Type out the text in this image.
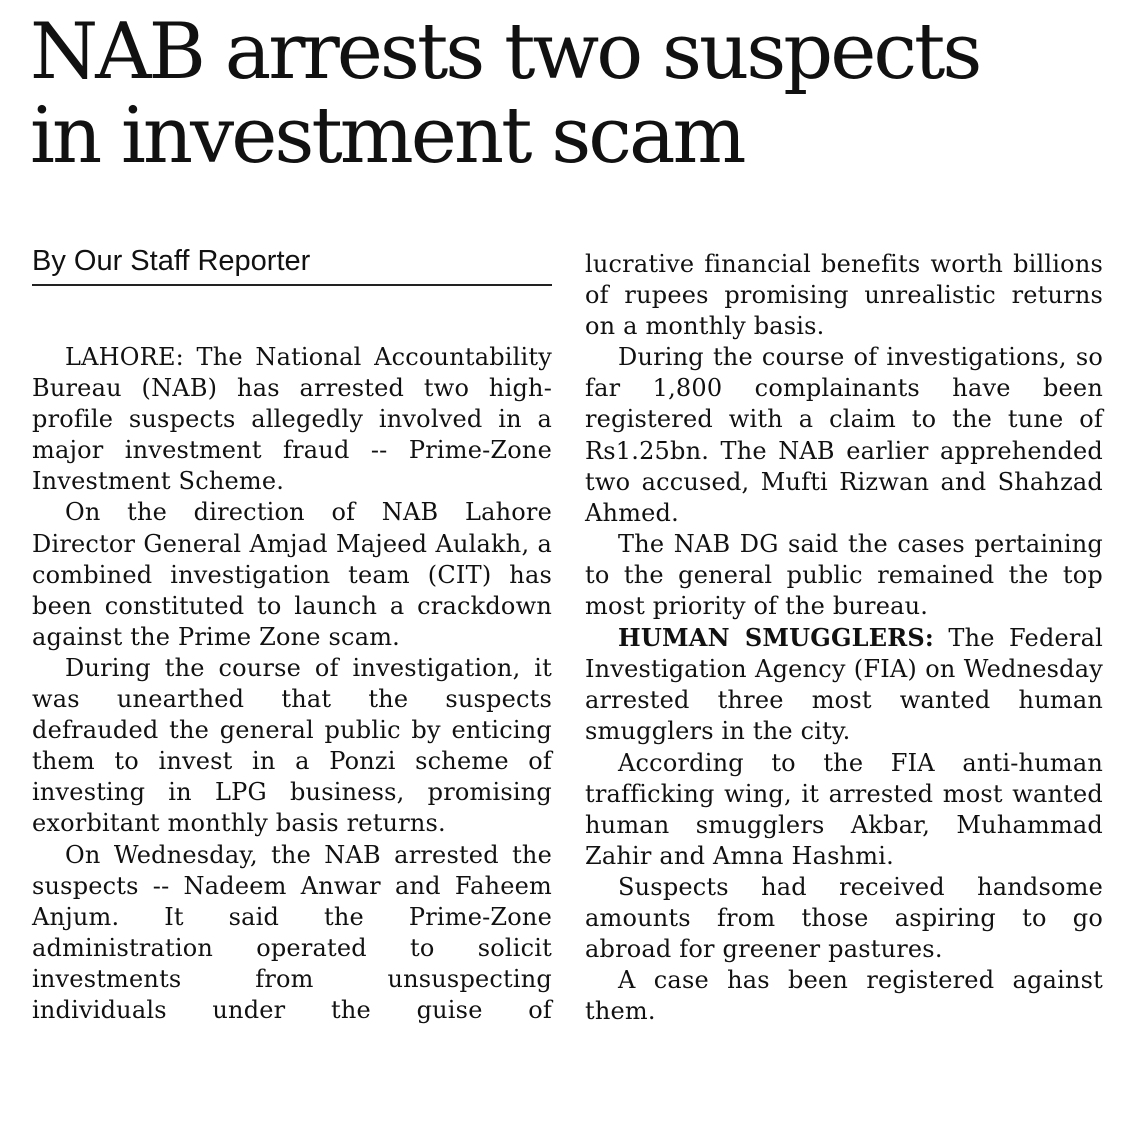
NAB arrests two suspects
in investment scam
By Our Staff Reporter

LAHORE: The National Accountability Bureau (NAB) has arrested two high-profile suspects allegedly involved in a major investment fraud -- Prime-Zone Investment Scheme.

On the direction of NAB Lahore Director General Amjad Majeed Aulakh, a combined investigation team (CIT) has been constituted to launch a crackdown against the Prime Zone scam.

During the course of investigation, it was unearthed that the suspects defrauded the general public by enticing them to invest in a Ponzi scheme of investing in LPG business, promising exorbitant monthly basis returns.

On Wednesday, the NAB arrested the suspects -- Nadeem Anwar and Faheem Anjum. It said the Prime-Zone administration operated to solicit investments from unsuspecting individuals under the guise of

lucrative financial benefits worth billions of rupees promising unrealistic returns on a monthly basis.

During the course of investigations, so far 1,800 complainants have been registered with a claim to the tune of Rs1.25bn. The NAB earlier apprehended two accused, Mufti Rizwan and Shahzad Ahmed.

The NAB DG said the cases pertaining to the general public remained the top most priority of the bureau.

HUMAN SMUGGLERS: The Federal Investigation Agency (FIA) on Wednesday arrested three most wanted human smugglers in the city.

According to the FIA anti-human trafficking wing, it arrested most wanted human smugglers Akbar, Muhammad Zahir and Amna Hashmi.

Suspects had received handsome amounts from those aspiring to go abroad for greener pastures.

A case has been registered against them.
